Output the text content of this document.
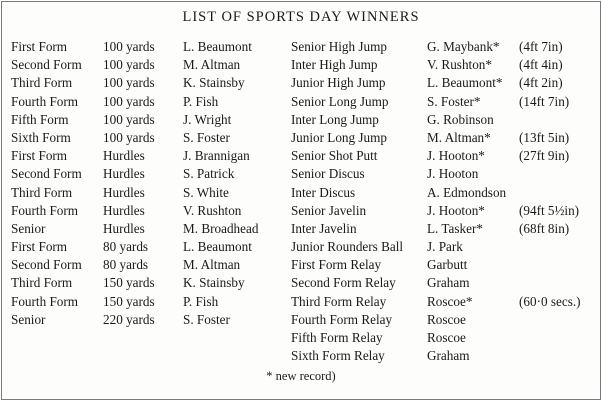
LIST OF SPORTS DAY WINNERS
First Form
Second Form
Third Form
Fourth Form
Fifth Form
Sixth Form
First Form
Second Form
Third Form
Fourth Form
Senior
First Form
Second Form
Third Form
Fourth Form
Senior
100 yards
100 yards
100 yards
100 yards
100 yards
100 yards
Hurdles
Hurdles
Hurdles
Hurdles
Hurdles
80 yards
80 yards
150 yards
150 yards
220 yards
L. Beaumont
M. Altman
K. Stainsby
P. Fish
J. Wright
S. Foster
J. Brannigan
S. Patrick
S. White
V. Rushton
M. Broadhead
L. Beaumont
M. Altman
K. Stainsby
P. Fish
S. Foster
Senior High Jump
Inter High Jump
Junior High Jump
Senior Long Jump
Inter Long Jump
Junior Long Jump
Senior Shot Putt
Senior Discus
Inter Discus
Senior Javelin
Inter Javelin
Junior Rounders Ball
First Form Relay
Second Form Relay
Third Form Relay
Fourth Form Relay
Fifth Form Relay
Sixth Form Relay
G. Maybank*
V. Rushton*
L. Beaumont*
S. Foster*
G. Robinson
M. Altman*
J. Hooton*
J. Hooton
A. Edmondson
J. Hooton*
L. Tasker*
J. Park
Garbutt
Graham
Roscoe*
Roscoe
Roscoe
Graham
(4ft 7in)
(4ft 4in)
(4ft 2in)
(14ft 7in)
(13ft 5in)
(27ft 9in)
(94ft 5½in)
(68ft 8in)
(60·0 secs.)
* new record)
